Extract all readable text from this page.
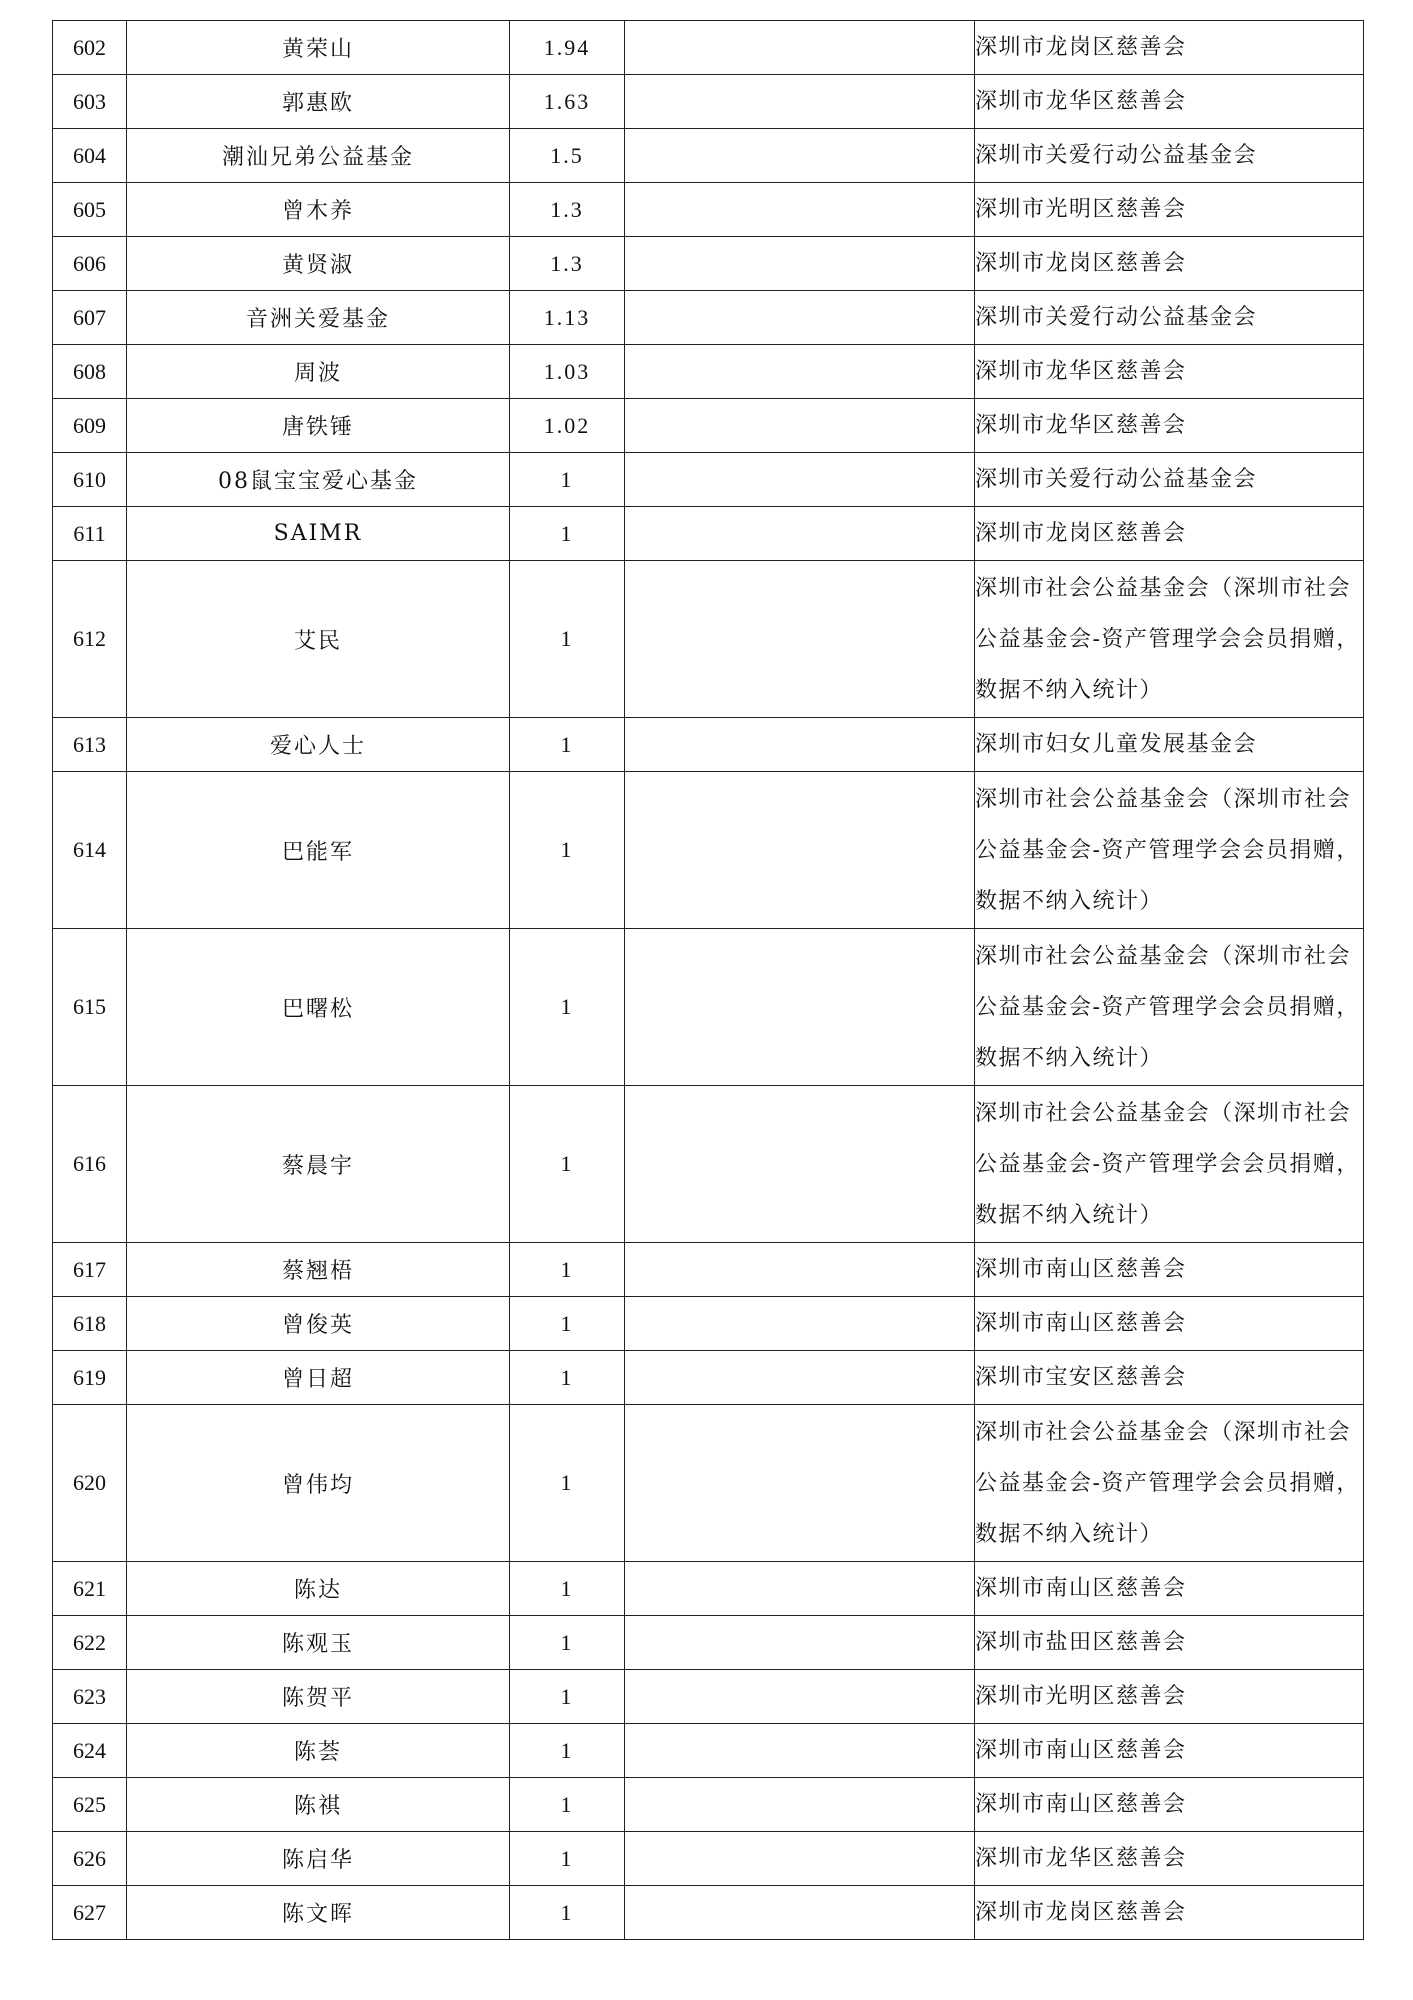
602	黄荣山	1.94		深圳市龙岗区慈善会
603	郭惠欧	1.63		深圳市龙华区慈善会
604	潮汕兄弟公益基金	1.5		深圳市关爱行动公益基金会
605	曾木养	1.3		深圳市光明区慈善会
606	黄贤淑	1.3		深圳市龙岗区慈善会
607	音洲关爱基金	1.13		深圳市关爱行动公益基金会
608	周波	1.03		深圳市龙华区慈善会
609	唐铁锤	1.02		深圳市龙华区慈善会
610	08鼠宝宝爱心基金	1		深圳市关爱行动公益基金会
611	SAIMR	1		深圳市龙岗区慈善会
612	艾民	1		深圳市社会公益基金会（深圳市社会公益基金会-资产管理学会会员捐赠，数据不纳入统计）
613	爱心人士	1		深圳市妇女儿童发展基金会
614	巴能军	1		深圳市社会公益基金会（深圳市社会公益基金会-资产管理学会会员捐赠，数据不纳入统计）
615	巴曙松	1		深圳市社会公益基金会（深圳市社会公益基金会-资产管理学会会员捐赠，数据不纳入统计）
616	蔡晨宇	1		深圳市社会公益基金会（深圳市社会公益基金会-资产管理学会会员捐赠，数据不纳入统计）
617	蔡翘梧	1		深圳市南山区慈善会
618	曾俊英	1		深圳市南山区慈善会
619	曾日超	1		深圳市宝安区慈善会
620	曾伟均	1		深圳市社会公益基金会（深圳市社会公益基金会-资产管理学会会员捐赠，数据不纳入统计）
621	陈达	1		深圳市南山区慈善会
622	陈观玉	1		深圳市盐田区慈善会
623	陈贺平	1		深圳市光明区慈善会
624	陈荟	1		深圳市南山区慈善会
625	陈祺	1		深圳市南山区慈善会
626	陈启华	1		深圳市龙华区慈善会
627	陈文晖	1		深圳市龙岗区慈善会
